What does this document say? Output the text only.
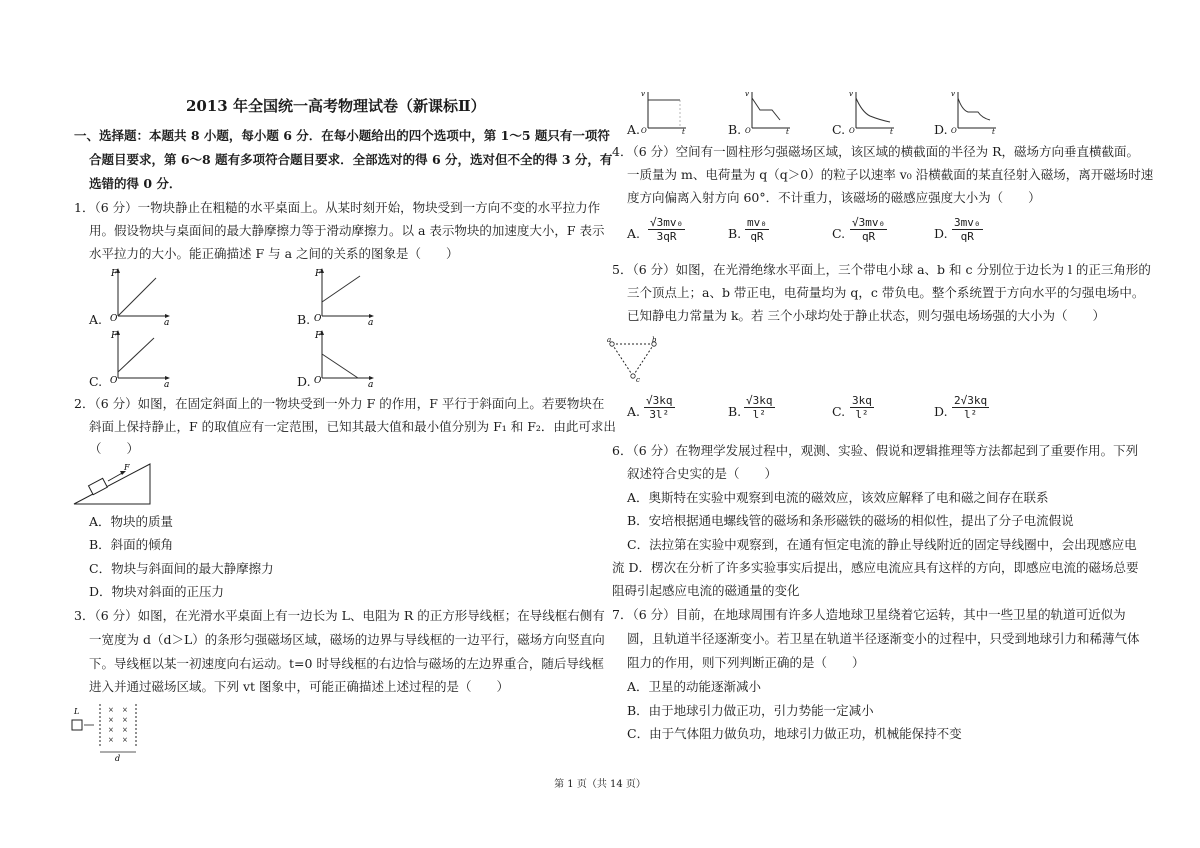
2013 年全国统一高考物理试卷（新课标Ⅱ）
一、选择题：本题共 8 小题，每小题 6 分．在每小题给出的四个选项中，第 1～5 题只有一项符
合题目要求，第 6～8 题有多项符合题目要求．全部选对的得 6 分，选对但不全的得 3 分，有
选错的得 0 分．
1．（6 分）一物块静止在粗糙的水平桌面上。从某时刻开始，物块受到一方向不变的水平拉力作
用。假设物块与桌面间的最大静摩擦力等于滑动摩擦力。以 a 表示物块的加速度大小，F 表示
水平拉力的大小。能正确描述 F 与 a 之间的关系的图象是（　　）
A.
F
O	a	B.
F
O	a
C.
F
O	a	D.
F
O	a
2．（6 分）如图，在固定斜面上的一物块受到一外力 F 的作用，F 平行于斜面向上。若要物块在
斜面上保持静止，F 的取值应有一定范围，已知其最大值和最小值分别为 F₁ 和 F₂．由此可求出
（　　）
F
A．物块的质量
B．斜面的倾角
C．物块与斜面间的最大静摩擦力
D．物块对斜面的正压力
3．（6 分）如图，在光滑水平桌面上有一边长为 L、电阻为 R 的正方形导线框；在导线框右侧有
一宽度为 d（d＞L）的条形匀强磁场区域，磁场的边界与导线框的一边平行，磁场方向竖直向
下。导线框以某一初速度向右运动。t=0 时导线框的右边恰与磁场的左边界重合，随后导线框
进入并通过磁场区域。下列 vt 图象中，可能正确描述上述过程的是（　　）
L	× ×
× ×
× ×
× ×
d
A.
v
O	t	B.
v
O	t	C.
v
O	t	D.
v
O	t
4．（6 分）空间有一圆柱形匀强磁场区域，该区域的横截面的半径为 R，磁场方向垂直横截面。
一质量为 m、电荷量为 q（q＞0）的粒子以速率 v₀ 沿横截面的某直径射入磁场，离开磁场时速
度方向偏离入射方向 60°．不计重力，该磁场的磁感应强度大小为（　　）
A. $\frac{\text{√3mv₀}}{3qR}$	B. $\frac{\text{mv₀}}{qR}$	C. $\frac{\text{√3mv₀}}{qR}$	D. $\frac{\text{3mv₀}}{qR}$
5．（6 分）如图，在光滑绝缘水平面上，三个带电小球 a、b 和 c 分别位于边长为 l 的正三角形的
三个顶点上；a、b 带正电，电荷量均为 q，c 带负电。整个系统置于方向水平的匀强电场中。
已知静电力常量为 k。若 三个小球均处于静止状态，则匀强电场场强的大小为（　　）
a	b
c
A. $\frac{√3kq}{\text{3l²}}$	B. $\frac{√3kq}{\text{l²}}$	C. $\frac{3kq}{\text{l²}}$	D. $\frac{2√3kq}{\text{l²}}$
6．（6 分）在物理学发展过程中，观测、实验、假说和逻辑推理等方法都起到了重要作用。下列
叙述符合史实的是（　　）
A．奥斯特在实验中观察到电流的磁效应，该效应解释了电和磁之间存在联系
B．安培根据通电螺线管的磁场和条形磁铁的磁场的相似性，提出了分子电流假说
C．法拉第在实验中观察到，在通有恒定电流的静止导线附近的固定导线圈中，会出现感应电
流 D．楞次在分析了许多实验事实后提出，感应电流应具有这样的方向，即感应电流的磁场总要
阻碍引起感应电流的磁通量的变化
7．（6 分）目前，在地球周围有许多人造地球卫星绕着它运转，其中一些卫星的轨道可近似为
圆，且轨道半径逐渐变小。若卫星在轨道半径逐渐变小的过程中，只受到地球引力和稀薄气体
阻力的作用，则下列判断正确的是（　　）
A．卫星的动能逐渐减小
B．由于地球引力做正功，引力势能一定减小
C．由于气体阻力做负功，地球引力做正功，机械能保持不变
第 1 页（共 14 页）
